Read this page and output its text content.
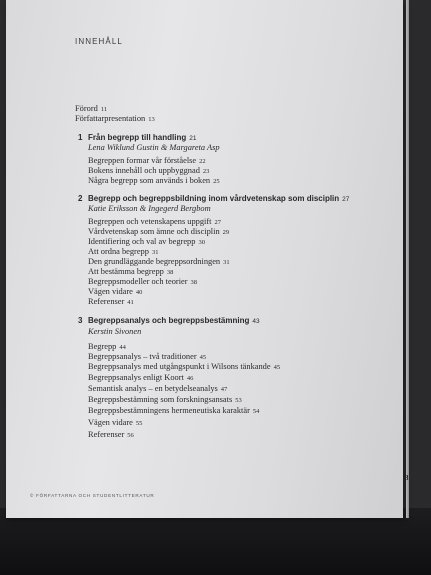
INNEHÅLL
Förord 11
Författarpresentation 13
1 Från begrepp till handling 21
Lena Wiklund Gustin & Margareta Asp
Begreppen formar vår förståelse 22
Bokens innehåll och uppbyggnad 23
Några begrepp som används i boken 25
2 Begrepp och begreppsbildning inom vårdvetenskap som disciplin 27
Katie Eriksson & Ingegerd Bergbom
Begreppen och vetenskapens uppgift 27
Vårdvetenskap som ämne och disciplin 29
Identifiering och val av begrepp 30
Att ordna begrepp 31
Den grundläggande begreppsordningen 31
Att bestämma begrepp 38
Begreppsmodeller och teorier 38
Vägen vidare 40
Referenser 41
3 Begreppsanalys och begreppsbestämning 43
Kerstin Sivonen
Begrepp 44
Begreppsanalys – två traditioner 45
Begreppsanalys med utgångspunkt i Wilsons tänkande 45
Begreppsanalys enligt Koort 46
Semantisk analys – en betydelseanalys 47
Begreppsbestämning som forskningsansats 53
Begreppsbestämningens hermeneutiska karaktär 54
Vägen vidare 55
Referenser 56
© FÖRFATTARNA OCH STUDENTLITTERATUR
3
